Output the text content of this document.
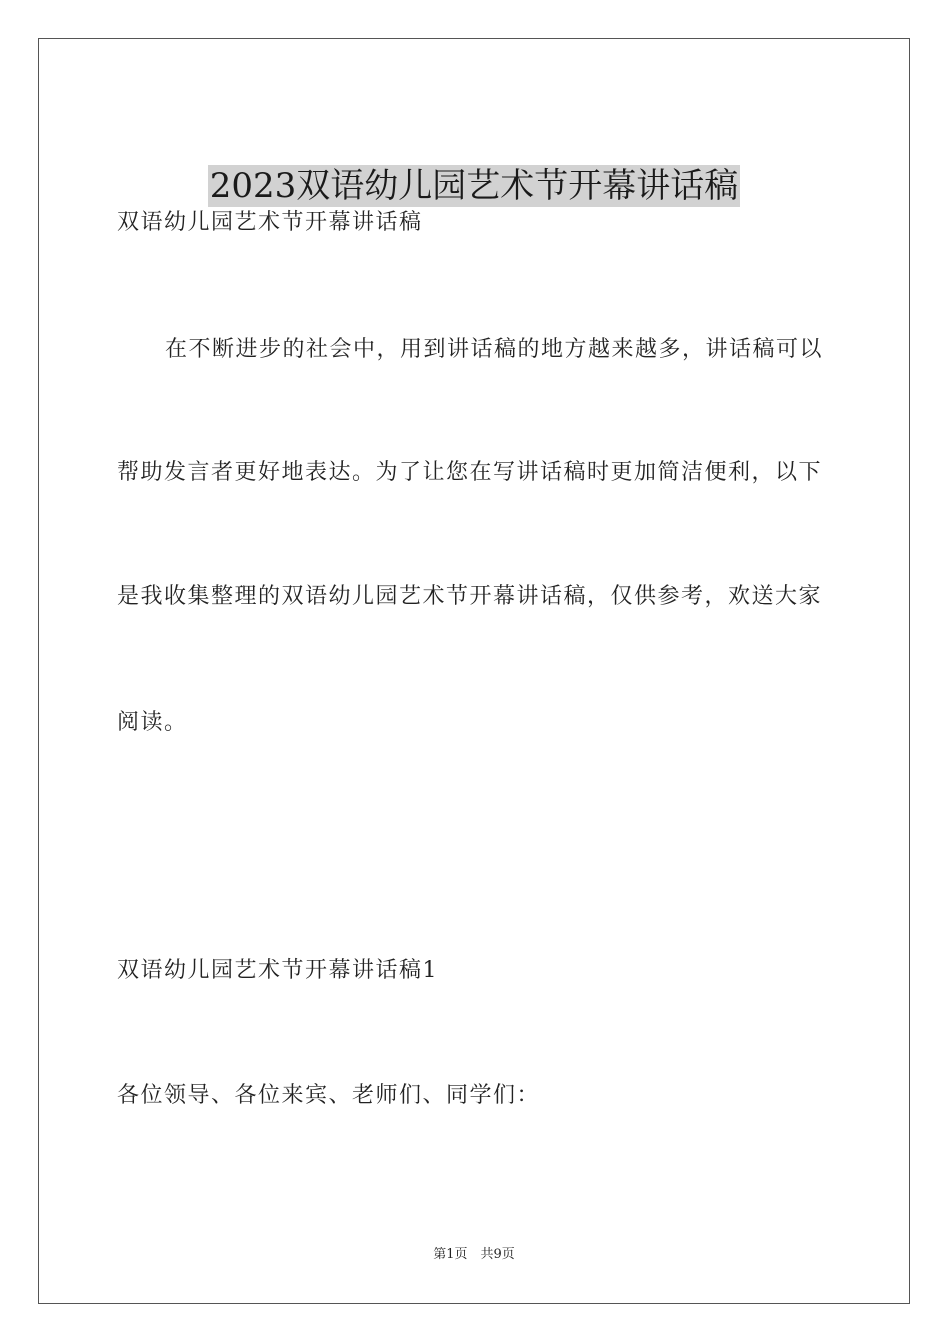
2023双语幼儿园艺术节开幕讲话稿
双语幼儿园艺术节开幕讲话稿
在不断进步的社会中，用到讲话稿的地方越来越多，讲话稿可以
帮助发言者更好地表达。为了让您在写讲话稿时更加简洁便利，以下
是我收集整理的双语幼儿园艺术节开幕讲话稿，仅供参考，欢送大家
阅读。
双语幼儿园艺术节开幕讲话稿1
各位领导、各位来宾、老师们、同学们：
第1页　共9页
